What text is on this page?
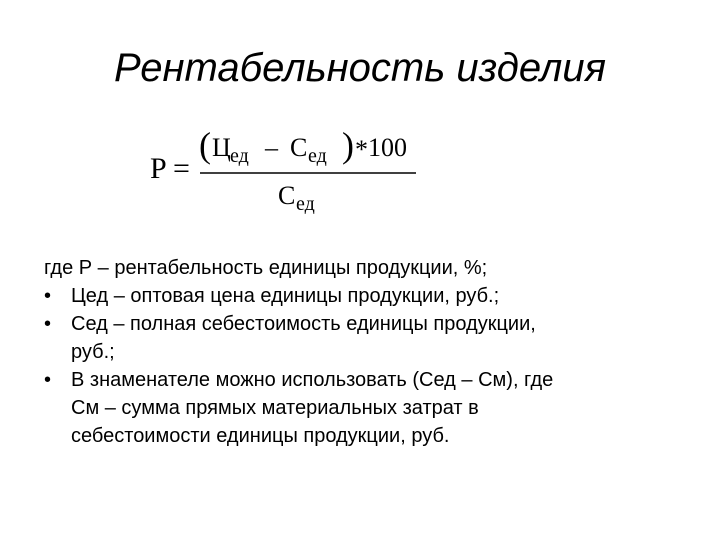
Рентабельность изделия
P =
( Ц ед – С ед ) * 100
С ед
где Р – рентабельность единицы продукции, %;
• Цед – оптовая цена единицы продукции, руб.;
• Сед – полная себестоимость единицы продукции,
руб.;
• В знаменателе можно использовать (Сед – См), где
См – сумма прямых материальных затрат в
себестоимости единицы продукции, руб.
